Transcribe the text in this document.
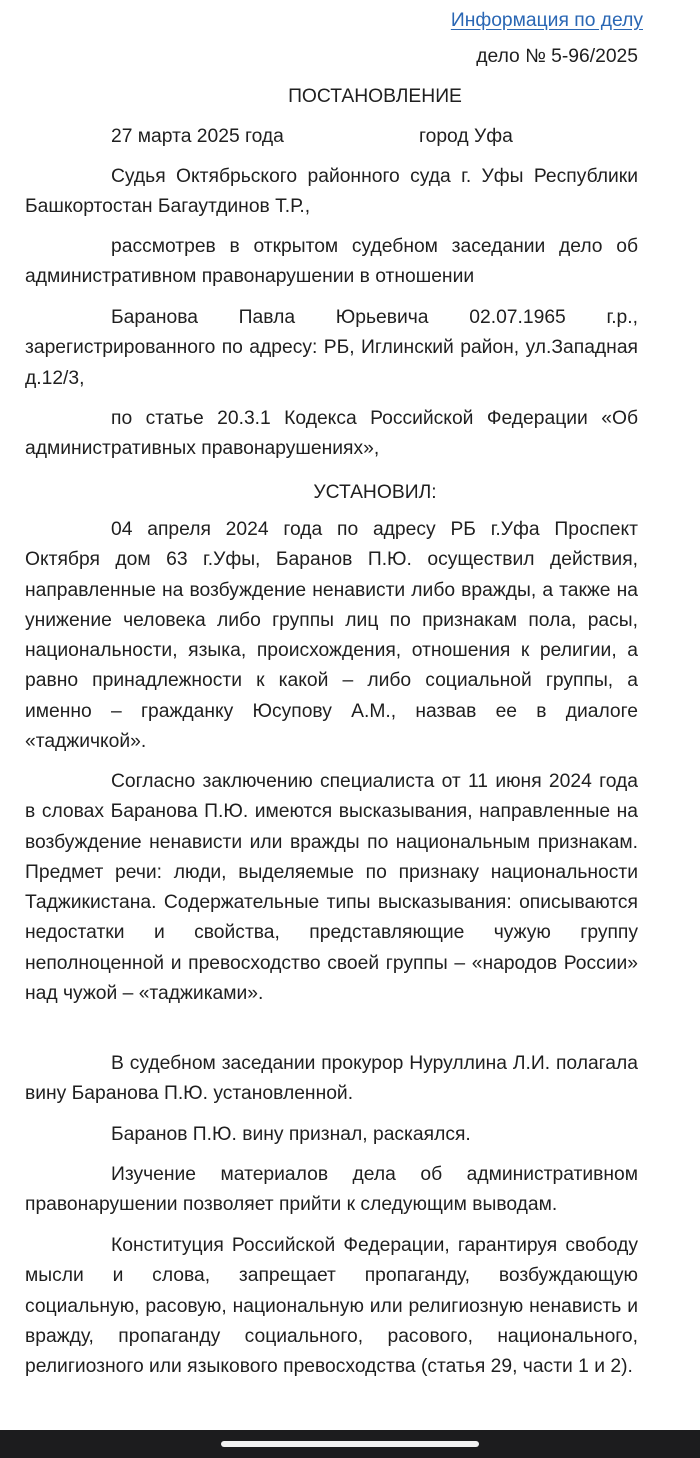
Информация по делу
дело № 5-96/2025
ПОСТАНОВЛЕНИЕ
27 марта 2025 года	город Уфа

Судья Октябрьского районного суда г. Уфы Республики Башкортостан Багаутдинов Т.Р.,

рассмотрев в открытом судебном заседании дело об административном правонарушении в отношении

Баранова Павла Юрьевича 02.07.1965 г.р., зарегистрированного по адресу: РБ, Иглинский район, ул.Западная д.12/3,

по статье 20.3.1 Кодекса Российской Федерации «Об административных правонарушениях»,

УСТАНОВИЛ:

04 апреля 2024 года по адресу РБ г.Уфа Проспект Октября дом 63 г.Уфы, Баранов П.Ю. осуществил действия, направленные на возбуждение ненависти либо вражды, а также на унижение человека либо группы лиц по признакам пола, расы, национальности, языка, происхождения, отношения к религии, а равно принадлежности к какой – либо социальной группы, а именно – гражданку Юсупову А.М., назвав ее в диалоге «таджичкой».

Согласно заключению специалиста от 11 июня 2024 года в словах Баранова П.Ю. имеются высказывания, направленные на возбуждение ненависти или вражды по национальным признакам. Предмет речи: люди, выделяемые по признаку национальности Таджикистана. Содержательные типы высказывания: описываются недостатки и свойства, представляющие чужую группу неполноценной и превосходство своей группы – «народов России» над чужой – «таджиками».

В судебном заседании прокурор Нуруллина Л.И. полагала вину Баранова П.Ю. установленной.

Баранов П.Ю. вину признал, раскаялся.

Изучение материалов дела об административном правонарушении позволяет прийти к следующим выводам.

Конституция Российской Федерации, гарантируя свободу мысли и слова, запрещает пропаганду, возбуждающую социальную, расовую, национальную или религиозную ненависть и вражду, пропаганду социального, расового, национального, религиозного или языкового превосходства (статья 29, части 1 и 2).
